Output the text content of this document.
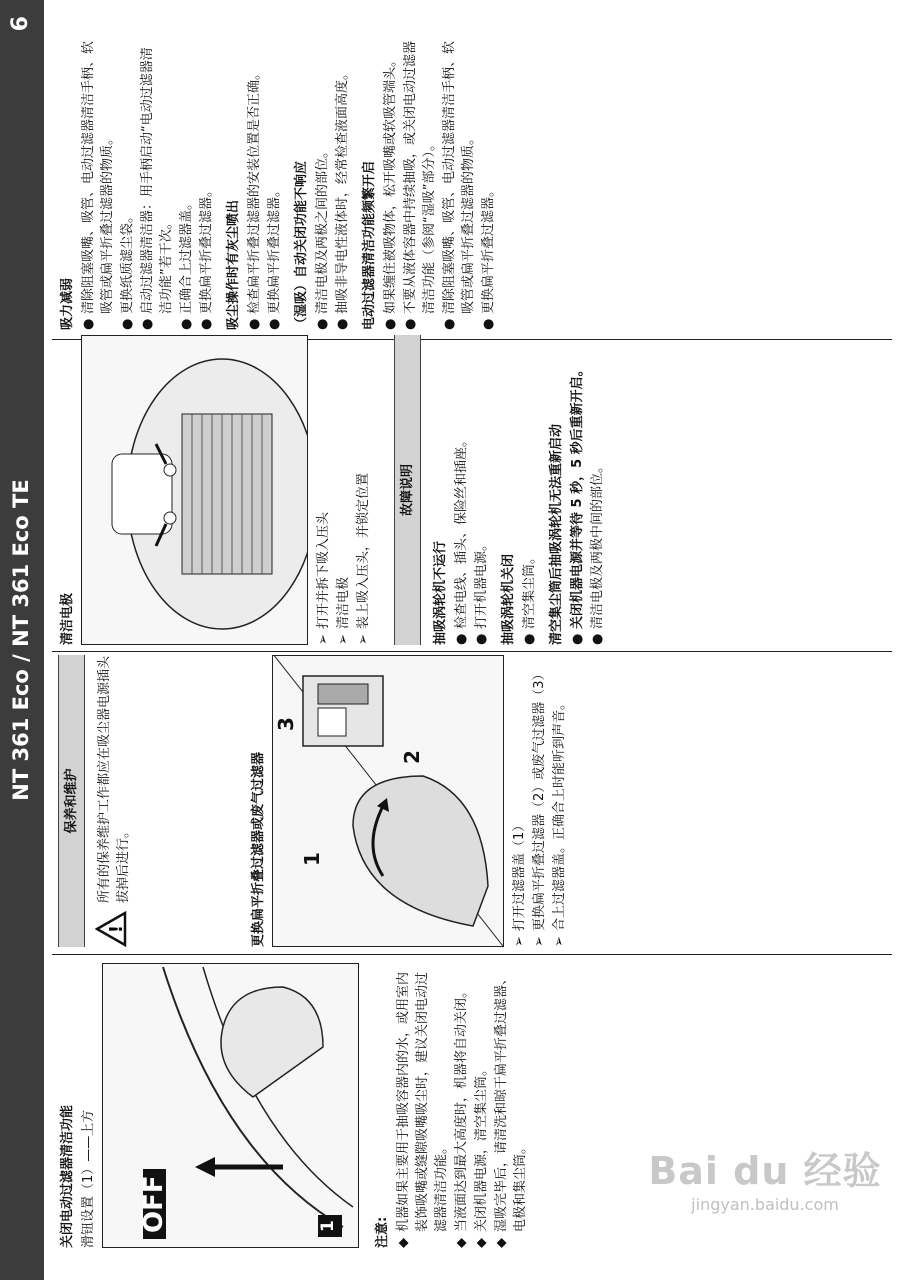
NT 361 Eco / NT 361 Eco TE
6
关闭电动过滤器清洁功能 滑钮设置（1）——上方 OFF	1	注意: ◆
机器如果主要用于抽吸容器内的水，或用室内装饰吸嘴或缝隙吸嘴吸尘时，建议关闭电动过滤器清洁功能。
◆
当液面达到最大高度时，机器将自动关闭。
◆
关闭机器电源，清空集尘筒。
◆
湿吸完毕后，请清洗和晾干扁平折叠过滤器、电极和集尘筒。
保养和维护
!
所有的保养维护工作都应在吸尘器电源插头拔掉后进行。	更换扁平折叠过滤器或废气过滤器 1
2
3
➢
打开过滤器盖（1）
➢
更换扁平折叠过滤器（2）或废气过滤器（3）
➢
合上过滤器盖。正确合上时能听到声音。
清洁电极	➢
打开并拆下吸入压头
➢
清洁电极
➢
装上吸入压头，并锁定位置	故障说明
抽吸涡轮机不运行 ●
检查电线、插头、保险丝和插座。
●
打开机器电源。 抽吸涡轮机关闭 ●
清空集尘筒。 清空集尘筒后抽吸涡轮机无法重新启动 ●
关闭机器电源并等待 5 秒，5 秒后重新开启。
●
清洁电极及两极中间的部位。
吸力减弱 ●
清除阻塞吸嘴、吸管、电动过滤器清洁手柄、软吸管或扁平折叠过滤器的物质。
●
更换纸质滤尘袋。
●
启动过滤器清洁器：用手柄启动“电动过滤器清洁功能”若干次。
●
正确合上过滤器盖。
●
更换扁平折叠过滤器。 吸尘操作时有灰尘喷出 ●
检查扁平折叠过滤器的安装位置是否正确。
●
更换扁平折叠过滤器。 （湿吸）自动关闭功能不响应 ●
清洁电极及两极之间的部位。
●
抽吸非导电性液体时，经常检查液面高度。 电动过滤器清洁功能频繁开启 ●
如果缠住被吸物体，松开吸嘴或软吸管端头。
●
不要从液体容器中持续抽吸，或关闭电动过滤器清洁功能（参阅“湿吸”部分）。
●
清除阻塞吸嘴、吸管、电动过滤器清洁手柄、软吸管或扁平折叠过滤器的物质。
●
更换扁平折叠过滤器。
Bai du 经验
jingyan.baidu.com
